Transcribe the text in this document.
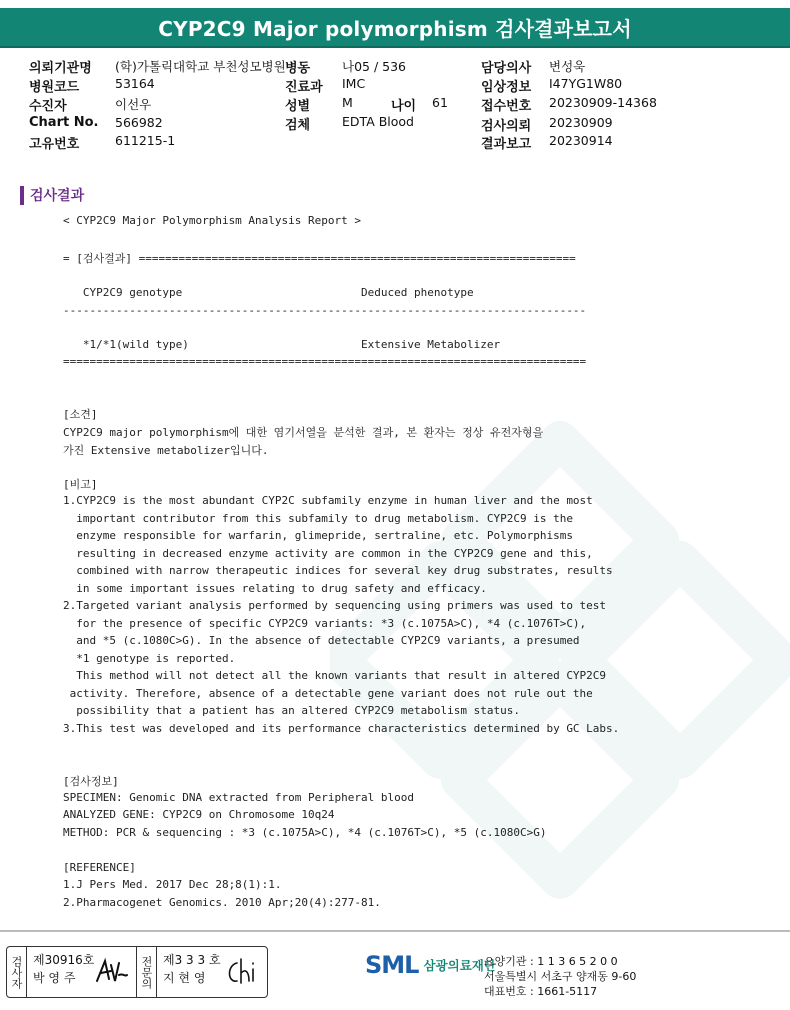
CYP2C9 Major polymorphism 검사결과보고서
의뢰기관명 (학)가톨릭대학교 부천성모병원 병동	나05 / 536	담당의사 변성욱
병원코드	53164	진료과 IMC	임상정보 I47YG1W80
수진자	이선우	성별	M	나이 61	접수번호 20230909-14368
Chart No. 566982	검체	EDTA Blood	검사의뢰 20230909
고유번호	611215-1	결과보고 20230914
검사결과
< CYP2C9 Major Polymorphism Analysis Report >
= [검사결과] ==================================================================
CYP2C9 genotype                           Deduced phenotype
-------------------------------------------------------------------------------
*1/*1(wild type)                          Extensive Metabolizer
===============================================================================
[소견]
CYP2C9 major polymorphism에 대한 염기서열을 분석한 결과, 본 환자는 정상 유전자형을
가진 Extensive metabolizer입니다.
[비고]
1.CYP2C9 is the most abundant CYP2C subfamily enzyme in human liver and the most
important contributor from this subfamily to drug metabolism. CYP2C9 is the
enzyme responsible for warfarin, glimepride, sertraline, etc. Polymorphisms
resulting in decreased enzyme activity are common in the CYP2C9 gene and this,
combined with narrow therapeutic indices for several key drug substrates, results
in some important issues relating to drug safety and efficacy.
2.Targeted variant analysis performed by sequencing using primers was used to test
for the presence of specific CYP2C9 variants: *3 (c.1075A>C), *4 (c.1076T>C),
and *5 (c.1080C>G). In the absence of detectable CYP2C9 variants, a presumed
*1 genotype is reported.
This method will not detect all the known variants that result in altered CYP2C9
activity. Therefore, absence of a detectable gene variant does not rule out the
possibility that a patient has an altered CYP2C9 metabolism status.
3.This test was developed and its performance characteristics determined by GC Labs.
[검사정보]
SPECIMEN: Genomic DNA extracted from Peripheral blood
ANALYZED GENE: CYP2C9 on Chromosome 10q24
METHOD: PCR & sequencing : *3 (c.1075A>C), *4 (c.1076T>C), *5 (c.1080C>G)
[REFERENCE]
1.J Pers Med. 2017 Dec 28;8(1):1.
2.Pharmacogenet Genomics. 2010 Apr;20(4):277-81.
검사자 제30916호
박 영 주	전문의 제3 3 3 호
지 현 영	SML 삼광의료재단
요양기관 : 1 1 3 6 5 2 0 0
서울특별시 서초구 양재동 9-60
대표번호 : 1661-5117
